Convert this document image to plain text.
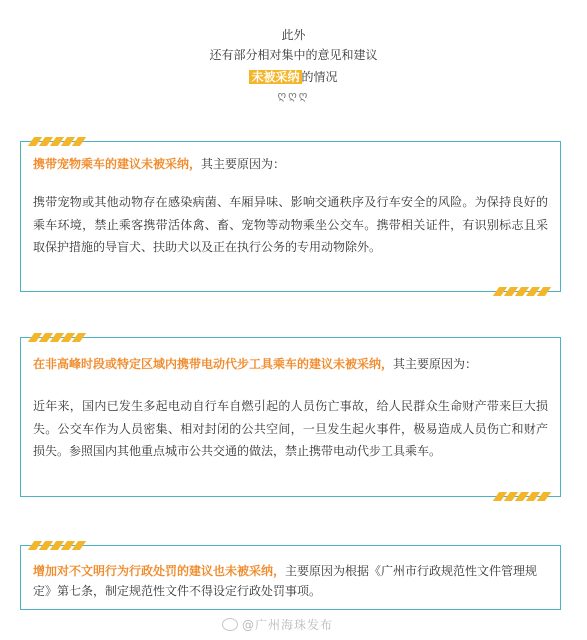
此外
还有部分相对集中的意见和建议
未被采纳 的情况
ღღღ
携带宠物乘车的建议未被采纳，其主要原因为：
携带宠物或其他动物存在感染病菌、车厢异味、影响交通秩序及行车安全的风险。为保持良好的乘车环境，禁止乘客携带活体禽、畜、宠物等动物乘坐公交车。携带相关证件，有识别标志且采取保护措施的导盲犬、扶助犬以及正在执行公务的专用动物除外。
在非高峰时段或特定区域内携带电动代步工具乘车的建议未被采纳，其主要原因为：
近年来，国内已发生多起电动自行车自燃引起的人员伤亡事故，给人民群众生命财产带来巨大损失。公交车作为人员密集、相对封闭的公共空间，一旦发生起火事件，极易造成人员伤亡和财产损失。参照国内其他重点城市公共交通的做法，禁止携带电动代步工具乘车。
增加对不文明行为行政处罚的建议也未被采纳，主要原因为根据《广州市行政规范性文件管理规定》第七条，制定规范性文件不得设定行政处罚事项。
@广州海珠发布
